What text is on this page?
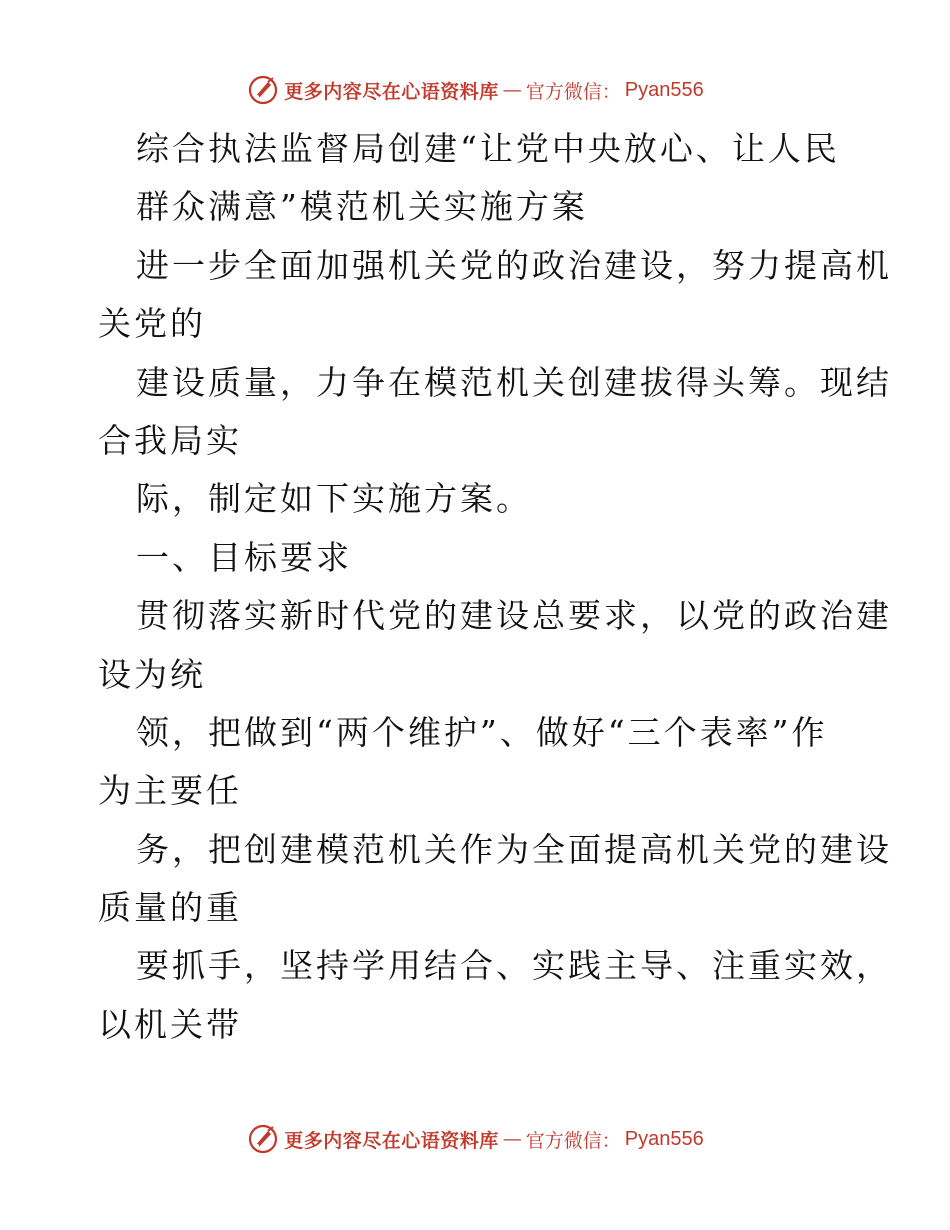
更多内容尽在心语资料库 — 官方微信： Pyan556
综合执法监督局创建“让党中央放心、让人民
群众满意”模范机关实施方案
进一步全面加强机关党的政治建设，努力提高机
关党的
建设质量，力争在模范机关创建拔得头筹。现结
合我局实
际，制定如下实施方案。
一、目标要求
贯彻落实新时代党的建设总要求，以党的政治建
设为统
领，把做到“两个维护”、做好“三个表率”作
为主要任
务，把创建模范机关作为全面提高机关党的建设
质量的重
要抓手，坚持学用结合、实践主导、注重实效，
以机关带
更多内容尽在心语资料库 — 官方微信： Pyan556
